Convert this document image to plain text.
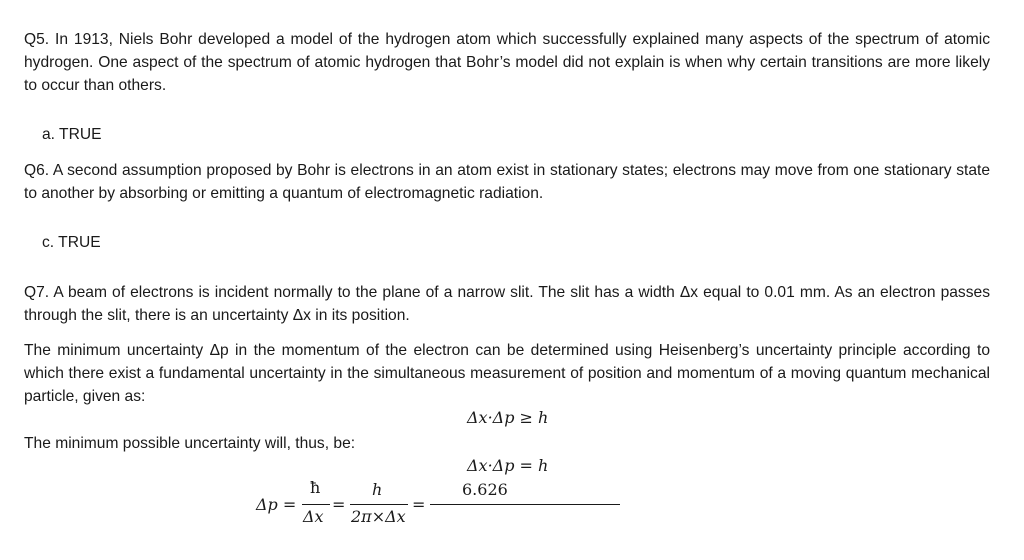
Q5. In 1913, Niels Bohr developed a model of the hydrogen atom which successfully explained many aspects of the spectrum of atomic hydrogen. One aspect of the spectrum of atomic hydrogen that Bohr’s model did not explain is when why certain transitions are more likely to occur than others.

a. TRUE

Q6. A second assumption proposed by Bohr is electrons in an atom exist in stationary states; electrons may move from one stationary state to another by absorbing or emitting a quantum of electromagnetic radiation.

c. TRUE

Q7. A beam of electrons is incident normally to the plane of a narrow slit. The slit has a width Δx equal to 0.01 mm. As an electron passes through the slit, there is an uncertainty Δx in its position.

The minimum uncertainty Δp in the momentum of the electron can be determined using Heisenberg’s uncertainty principle according to which there exist a fundamental uncertainty in the simultaneous measurement of position and momentum of a moving quantum mechanical particle, given as:

Δx·Δp ≥ h

The minimum possible uncertainty will, thus, be:

Δx·Δp = h
Δp =
ħ
Δx
=
h
2π×Δx
=
6.626
